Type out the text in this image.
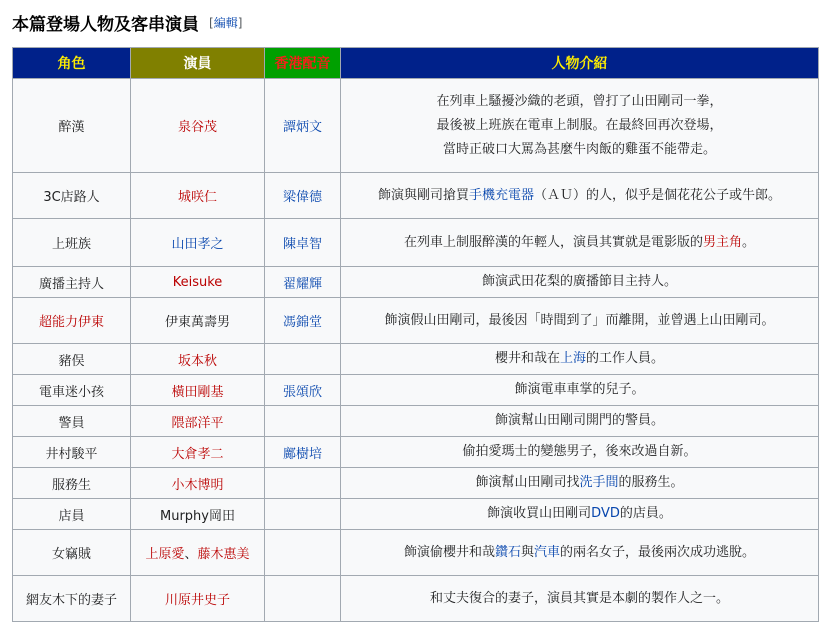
本篇登場人物及客串演員 [編輯]
角色	演員	香港配音	人物介紹
醉漢	泉谷茂	譚炳文	在列車上騷擾沙織的老頭，曾打了山田剛司一拳，
最後被上班族在電車上制服。在最終回再次登場，
當時正破口大罵為甚麼牛肉飯的雞蛋不能帶走。

3C店路人	城咲仁	梁偉德	飾演與剛司搶買手機充電器（ＡＵ）的人，似乎是個花花公子或牛郎。
上班族	山田孝之	陳卓智	在列車上制服醉漢的年輕人，演員其實就是電影版的男主角。
廣播主持人	Keisuke	翟耀輝	飾演武田花梨的廣播節目主持人。
超能力伊東	伊東萬壽男	馮錦堂	飾演假山田剛司，最後因「時間到了」而離開，並曾遇上山田剛司。
豬俣	坂本秋		櫻井和哉在上海的工作人員。
電車迷小孩	橫田剛基	張頌欣	飾演電車車掌的兒子。
警員	隈部洋平		飾演幫山田剛司開門的警員。
井村駿平	大倉孝二	鄺樹培	偷拍愛瑪士的變態男子，後來改過自新。
服務生	小木博明		飾演幫山田剛司找洗手間的服務生。
店員	Murphy岡田		飾演收買山田剛司DVD的店員。
女竊賊	上原愛、藤木惠美		飾演偷櫻井和哉鑽石與汽車的兩名女子，最後兩次成功逃脫。
網友木下的妻子	川原井史子		和丈夫復合的妻子，演員其實是本劇的製作人之一。
